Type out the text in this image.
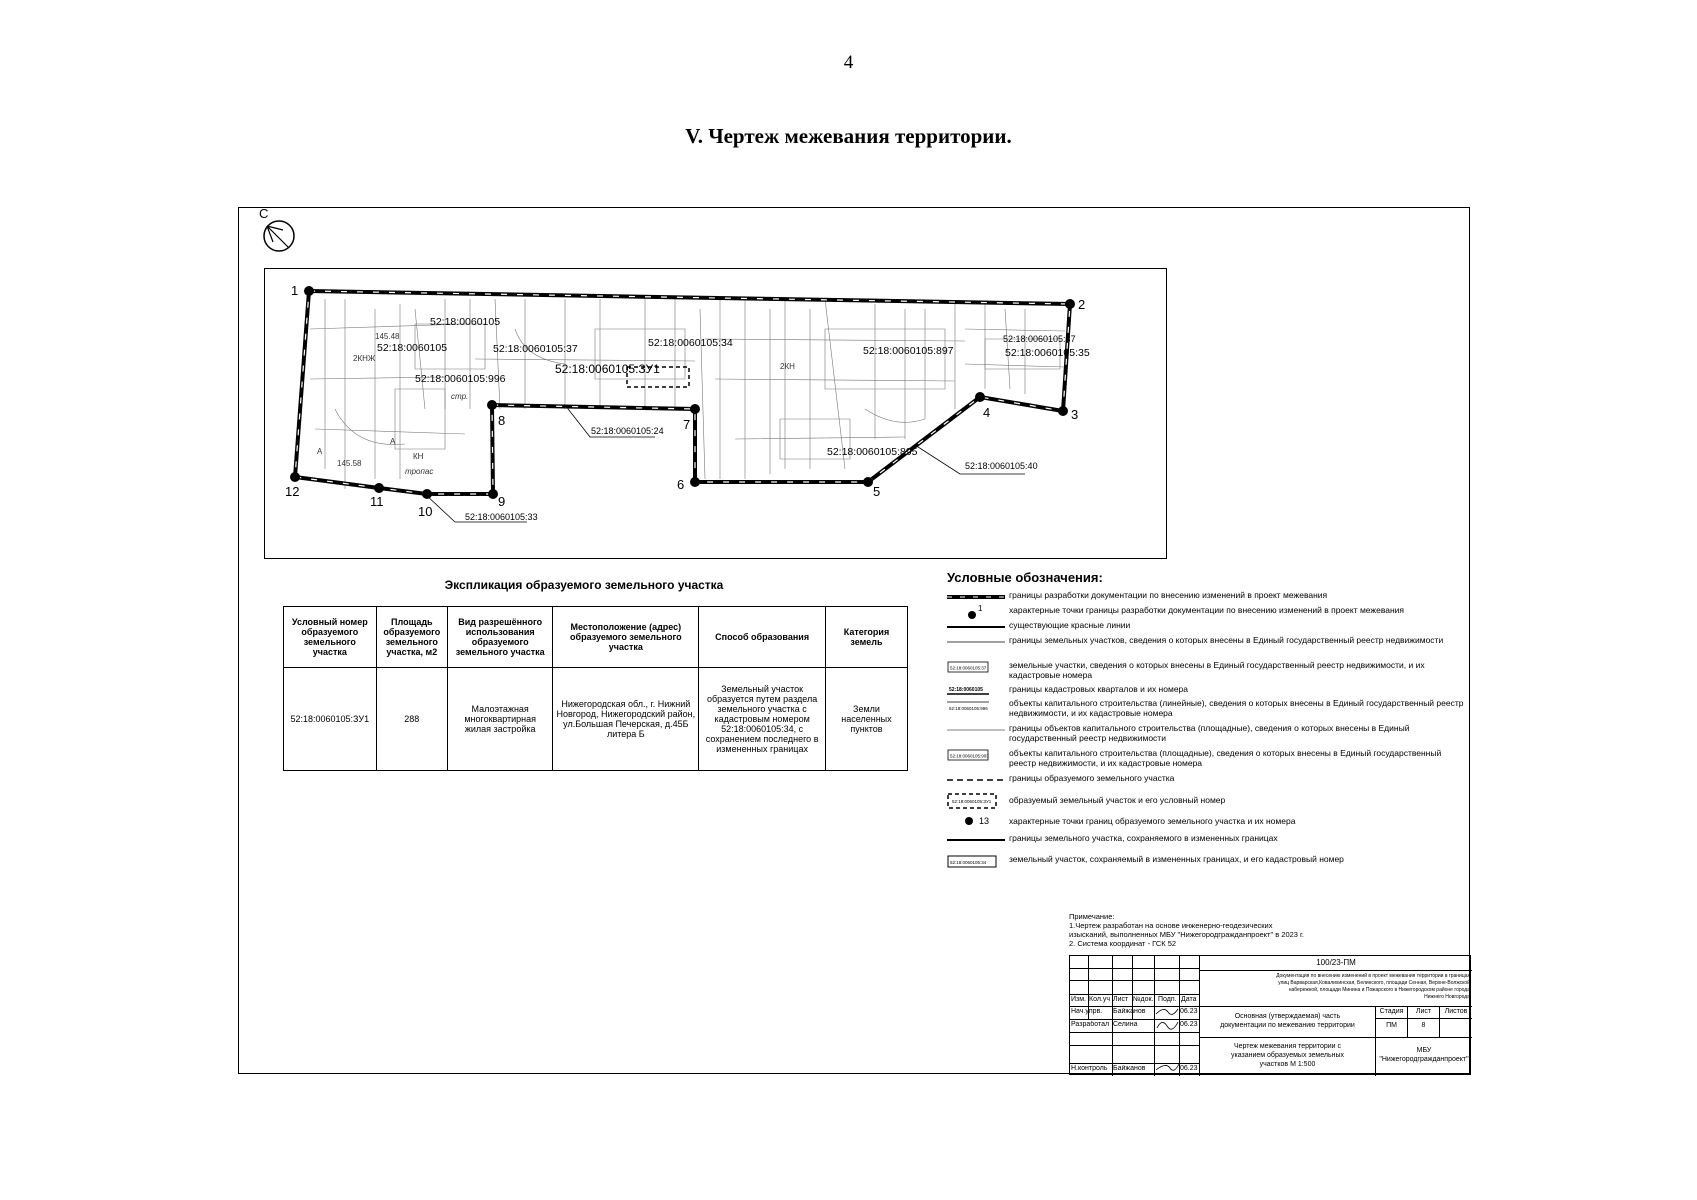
4
V. Чертеж межевания территории.
С
1
2
3
4
5
6
7
8
9
10
11
12
52:18:0060105
52:18:0060105
52:18:0060105:996
52:18:0060105:37	52:18:0060105:34
52:18:0060105:ЗУ1
52:18:0060105:897
52:18:0060105:37
52:18:0060105:35
52:18:0060105:895
52:18:0060105:24
52:18:0060105:40
52:18:0060105:33
КН
тропас
стр.
А
А
2КНЖ
2КН
145.48
145.58
Экспликация образуемого земельного участка
Условный номер образуемого земельного участка	Площадь образуемого земельного участка, м2	Вид разрешённого использования образуемого земельного участка	Местоположение (адрес) образуемого земельного участка	Способ образования	Категория земель
52:18:0060105:ЗУ1	288	Малоэтажная многоквартирная жилая застройка	Нижегородская обл., г. Нижний Новгород, Нижегородский район, ул.Большая Печерская, д.45Б литера Б	Земельный участок образуется путем раздела земельного участка с кадастровым номером 52:18:0060105:34, с сохранением последнего в измененных границах	Земли населенных пунктов
Условные обозначения:
границы разработки документации по внесению изменений в проект межевания
1	характерные точки границы разработки документации по внесению изменений в проект межевания
существующие красные линии
границы земельных участков, сведения о которых внесены в Единый государственный реестр недвижимости
52:18:0060105:37	земельные участки, сведения о которых внесены в Единый государственный реестр недвижимости, и их кадастровые номера
52:18:0060105	границы кадастровых кварталов и их номера
52:18:0060105:996
объекты капитального строительства (линейные), сведения о которых внесены в Единый государственный реестр недвижимости, и их кадастровые номера
границы объектов капитального строительства (площадные), сведения о которых внесены в Единый государственный реестр недвижимости
52:18:0060105:903 объекты капитального строительства (площадные), сведения о которых внесены в Единый государственный реестр недвижимости, и их кадастровые номера
границы образуемого земельного участка
52:18:0060105:ЗУ1 образуемый земельный участок и его условный номер
13 характерные точки границ образуемого земельного участка и их номера
границы земельного участка, сохраняемого в измененных границах
52:18:0060105:34	земельный участок, сохраняемый в измененных границах, и его кадастровый номер
Примечание:
1.Чертеж разработан на основе инженерно-геодезических
изысканий, выполненных МБУ "Нижегородгражданпроект" в 2023 г.
2. Система координат - ГСК 52
100/23-ПМ
Документация по внесению изменений в проект межевания территории в границах
улиц Варварская,Ковалихинская, Белинского, площади Сенная, Верхне-Волжской
набережной, площади Минина и Пожарского в Нижегородском районе города
Нижнего Новгорода
Изм. Кол.уч Лист №док. Подп. Дата
Нач.упрв.	Байжанов	06.23
Разработал Селина	06.23
Н.контроль Байжанов	06.23
Основная (утверждаемая) часть
документации по межеванию территории
Стадия	Лист	Листов
ПМ	8
Чертеж межевания территории с
указанием образуемых земельных
участков М 1:500
МБУ
"Нижегородгражданпроект"
